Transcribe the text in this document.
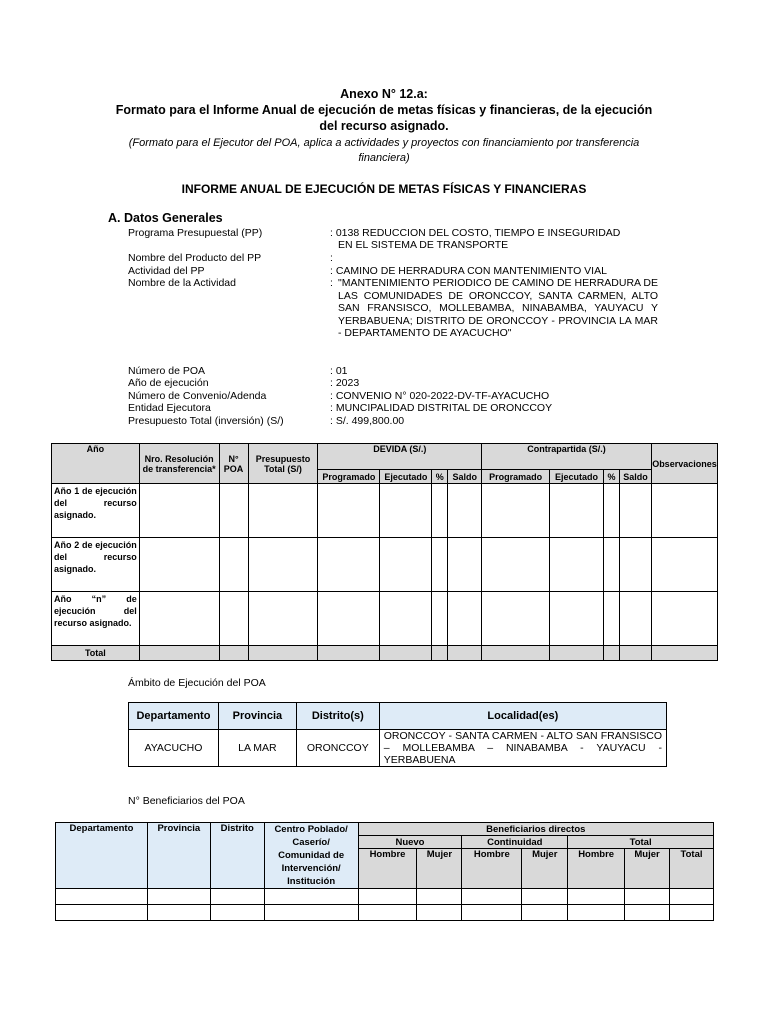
Anexo N° 12.a:
Formato para el Informe Anual de ejecución de metas físicas y financieras, de la ejecución
del recurso asignado.
(Formato para el Ejecutor del POA, aplica a actividades y proyectos con financiamiento por transferencia
financiera)
INFORME ANUAL DE EJECUCIÓN DE METAS FÍSICAS Y FINANCIERAS
A. Datos Generales
Programa Presupuestal (PP)	: 0138 REDUCCION DEL COSTO, TIEMPO E INSEGURIDAD
EN EL SISTEMA DE TRANSPORTE
Nombre del Producto del PP	:
Actividad del PP	: CAMINO DE HERRADURA CON MANTENIMIENTO VIAL
Nombre de la Actividad	: "MANTENIMIENTO PERIODICO DE CAMINO DE HERRADURA DE LAS COMUNIDADES DE ORONCCOY, SANTA CARMEN, ALTO SAN FRANSISCO, MOLLEBAMBA, NINABAMBA, YAUYACU Y YERBABUENA; DISTRITO DE ORONCCOY - PROVINCIA LA MAR - DEPARTAMENTO DE AYACUCHO"
Número de POA	: 01
Año de ejecución	: 2023
Número de Convenio/Adenda	: CONVENIO N° 020-2022-DV-TF-AYACUCHO
Entidad Ejecutora	: MUNCIPALIDAD DISTRITAL DE ORONCCOY
Presupuesto Total (inversión) (S/)	: S/. 499,800.00
Año	Nro. Resolución de transferencia*	N° POA	Presupuesto Total (S/)	DEVIDA (S/.)				Contrapartida (S/.)				Observaciones
				Programado	Ejecutado	%	Saldo	Programado	Ejecutado	%	Saldo	
Año 1 de ejecución del recurso asignado.												
Año 2 de ejecución del recurso asignado.												
Año “n” de ejecución del recurso asignado.												
Total												
Ámbito de Ejecución del POA
Departamento	Provincia	Distrito(s)	Localidad(es)
AYACUCHO	LA MAR	ORONCCOY	ORONCCOY - SANTA CARMEN - ALTO SAN FRANSISCO – MOLLEBAMBA – NINABAMBA - YAUYACU -YERBABUENA
N° Beneficiarios del POA
Departamento	Provincia	Distrito	Centro Poblado/ Caserío/ Comunidad de Intervención/ Institución	Beneficiarios directos						
				Nuevo		Continuidad		Total		
				Hombre	Mujer	Hombre	Mujer	Hombre	Mujer	Total
